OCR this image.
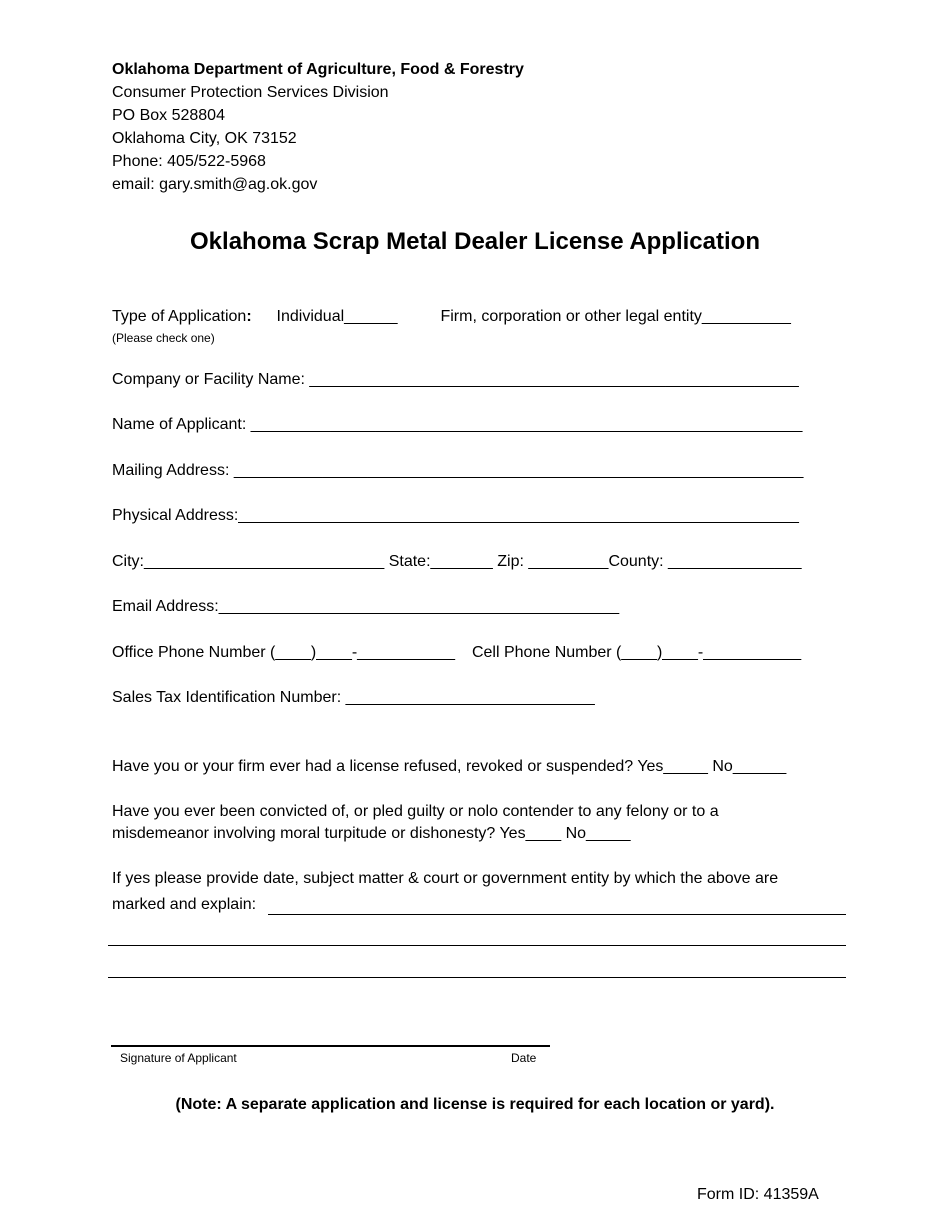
Oklahoma Department of Agriculture, Food & Forestry
Consumer Protection Services Division
PO Box 528804
Oklahoma City, OK 73152
Phone: 405/522-5968
email: gary.smith@ag.ok.gov
Oklahoma Scrap Metal Dealer License Application
Type of Application: Individual______	Firm, corporation or other legal entity__________
(Please check one)
Company or Facility Name: _______________________________________________________
Name of Applicant: ______________________________________________________________
Mailing Address: ________________________________________________________________
Physical Address:_______________________________________________________________
City:___________________________ State:_______ Zip: _________County: _______________
Email Address:_____________________________________________
Office Phone Number (____)____-___________ Cell Phone Number (____)____-___________
Sales Tax Identification Number: ____________________________
Have you or your firm ever had a license refused, revoked or suspended? Yes_____ No______
Have you ever been convicted of, or pled guilty or nolo contender to any felony or to a
misdemeanor involving moral turpitude or dishonesty? Yes____ No_____
If yes please provide date, subject matter & court or government entity by which the above are
marked and explain:
Signature of Applicant	Date
(Note: A separate application and license is required for each location or yard).
Form ID: 41359A
